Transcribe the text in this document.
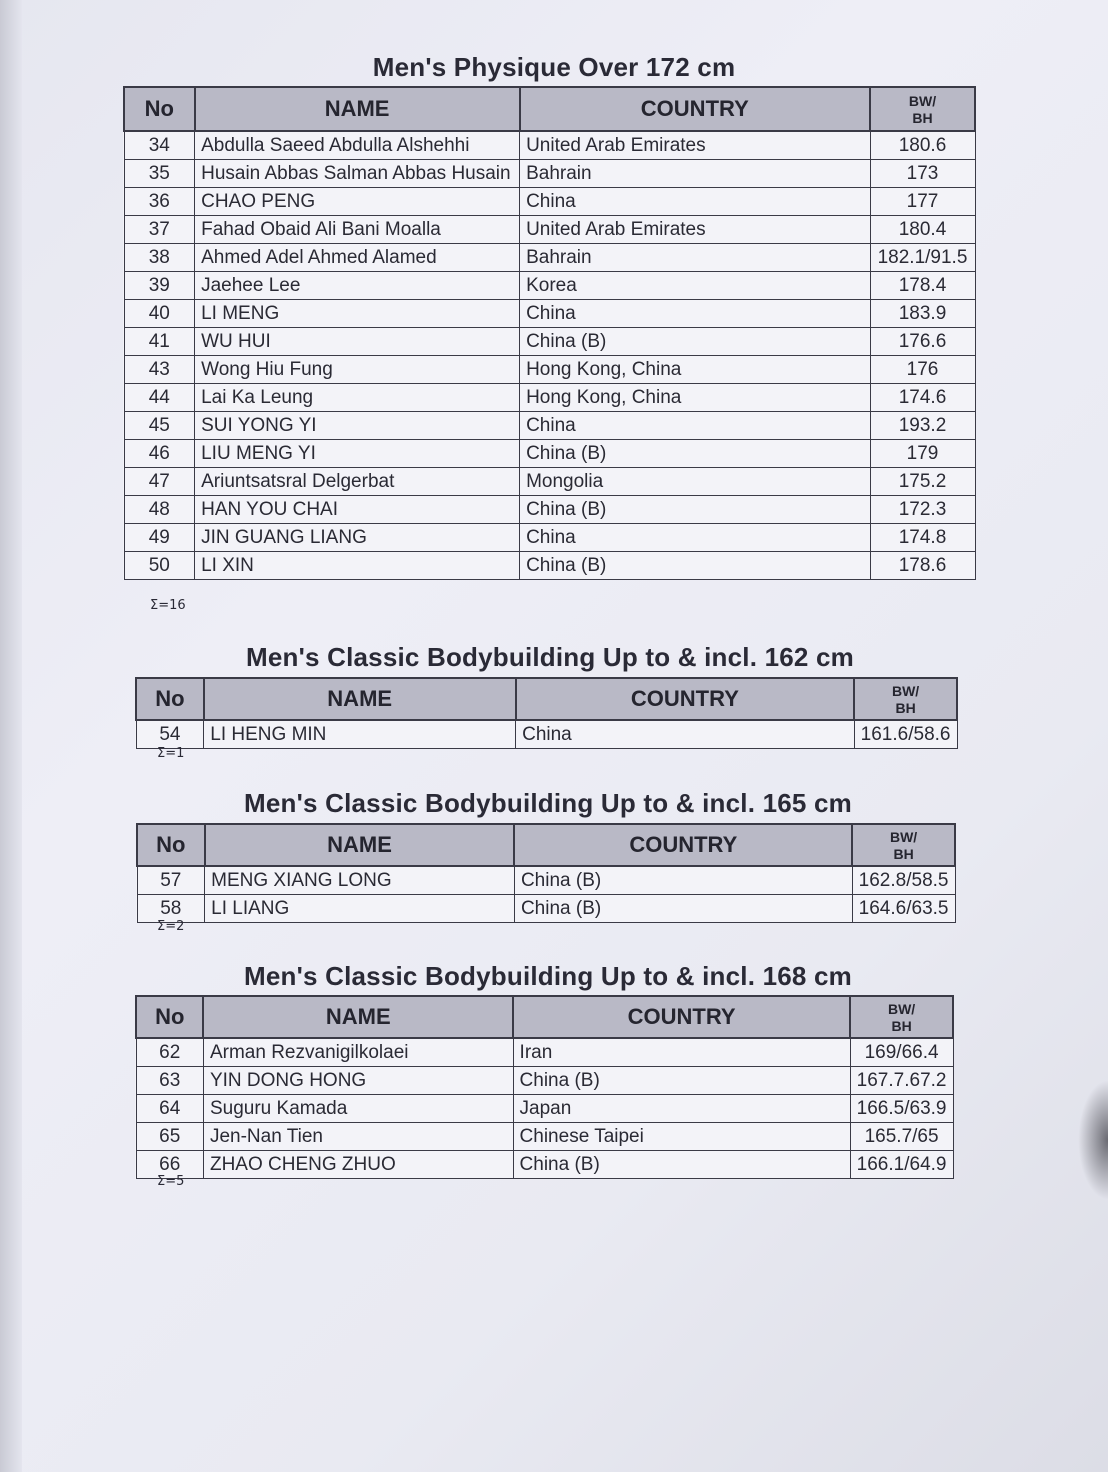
Men's Physique Over 172 cm
No	NAME	COUNTRY	BW/
BH
34	Abdulla Saeed Abdulla Alshehhi	United Arab Emirates	180.6
35	Husain Abbas Salman Abbas Husain	Bahrain	173
36	CHAO PENG	China	177
37	Fahad Obaid Ali Bani Moalla	United Arab Emirates	180.4
38	Ahmed Adel Ahmed Alamed	Bahrain	182.1/91.5
39	Jaehee Lee	Korea	178.4
40	LI MENG	China	183.9
41	WU HUI	China (B)	176.6
43	Wong Hiu Fung	Hong Kong, China	176
44	Lai Ka Leung	Hong Kong, China	174.6
45	SUI YONG YI	China	193.2
46	LIU MENG YI	China (B)	179
47	Ariuntsatsral Delgerbat	Mongolia	175.2
48	HAN YOU CHAI	China (B)	172.3
49	JIN GUANG LIANG	China	174.8
50	LI XIN	China (B)	178.6
Σ=16
Men's Classic Bodybuilding Up to & incl. 162 cm
No	NAME	COUNTRY	BW/
BH
54	LI HENG MIN	China	161.6/58.6
Σ=1
Men's Classic Bodybuilding Up to & incl. 165 cm
No	NAME	COUNTRY	BW/
BH
57	MENG XIANG LONG	China (B)	162.8/58.5
58	LI LIANG	China (B)	164.6/63.5
Σ=2
Men's Classic Bodybuilding Up to & incl. 168 cm
No	NAME	COUNTRY	BW/
BH
62	Arman Rezvanigilkolaei	Iran	169/66.4
63	YIN DONG HONG	China (B)	167.7.67.2
64	Suguru Kamada	Japan	166.5/63.9
65	Jen-Nan Tien	Chinese Taipei	165.7/65
66	ZHAO CHENG ZHUO	China (B)	166.1/64.9
Σ=5
